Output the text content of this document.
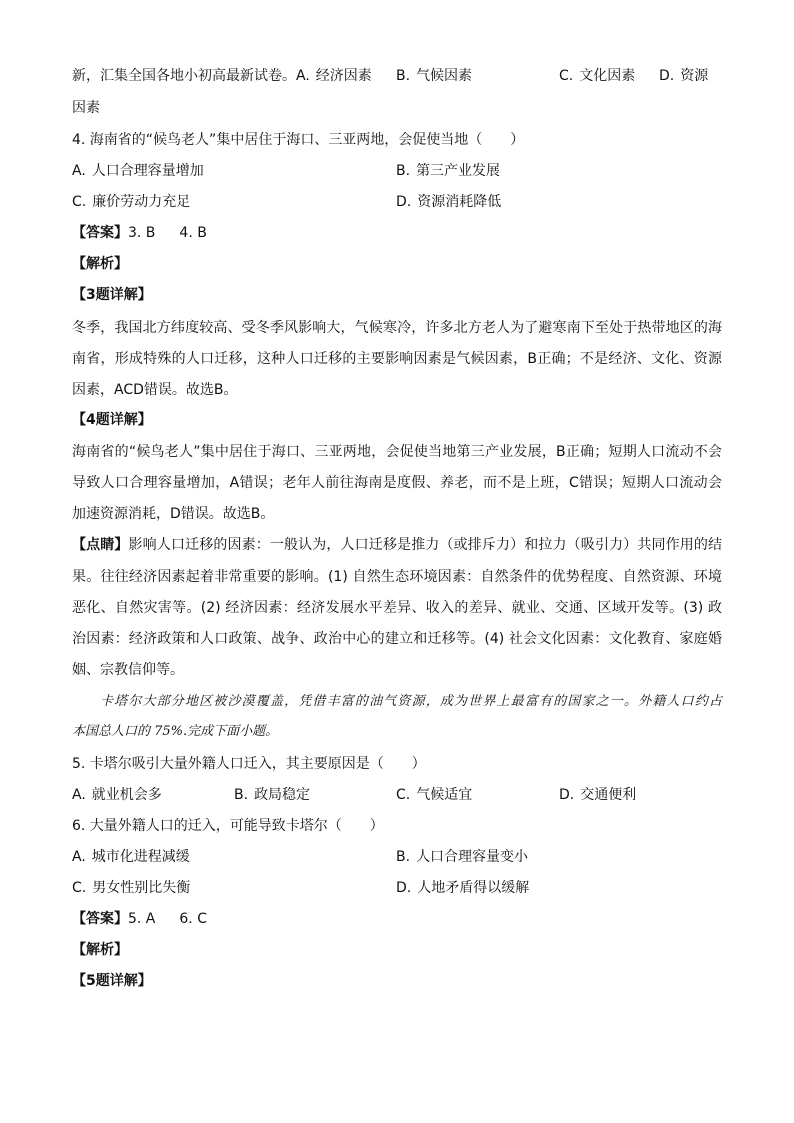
新，汇集全国各地小初高最新试卷。 A. 经济因素 B. 气候因素	C. 文化因素 D. 资源
因素
4. 海南省的“候鸟老人”集中居住于海口、三亚两地，会促使当地（　　）
A. 人口合理容量增加	B. 第三产业发展
C. 廉价劳动力充足	D. 资源消耗降低
【答案】3. B 4. B
【解析】
【3题详解】
冬季，我国北方纬度较高、受冬季风影响大，气候寒冷，许多北方老人为了避寒南下至处于热带地区的海
南省，形成特殊的人口迁移，这种人口迁移的主要影响因素是气候因素，B正确；不是经济、文化、资源
因素，ACD错误。故选B。
【4题详解】
海南省的“候鸟老人”集中居住于海口、三亚两地，会促使当地第三产业发展，B正确；短期人口流动不会
导致人口合理容量增加，A错误；老年人前往海南是度假、养老，而不是上班，C错误；短期人口流动会
加速资源消耗，D错误。故选B。
【点睛】影响人口迁移的因素：一般认为，人口迁移是推力（或排斥力）和拉力（吸引力）共同作用的结
果。往往经济因素起着非常重要的影响。(1) 自然生态环境因素：自然条件的优势程度、自然资源、环境
恶化、自然灾害等。(2) 经济因素：经济发展水平差异、收入的差异、就业、交通、区域开发等。(3) 政
治因素：经济政策和人口政策、战争、政治中心的建立和迁移等。(4) 社会文化因素：文化教育、家庭婚
姻、宗教信仰等。
卡塔尔大部分地区被沙漠覆盖，凭借丰富的油气资源，成为世界上最富有的国家之一。外籍人口约占
本国总人口的 75%.完成下面小题。
5. 卡塔尔吸引大量外籍人口迁入，其主要原因是（　　）
A. 就业机会多	B. 政局稳定	C. 气候适宜	D. 交通便利
6. 大量外籍人口的迁入，可能导致卡塔尔（　　）
A. 城市化进程减缓	B. 人口合理容量变小
C. 男女性别比失衡	D. 人地矛盾得以缓解
【答案】5. A 6. C
【解析】
【5题详解】
